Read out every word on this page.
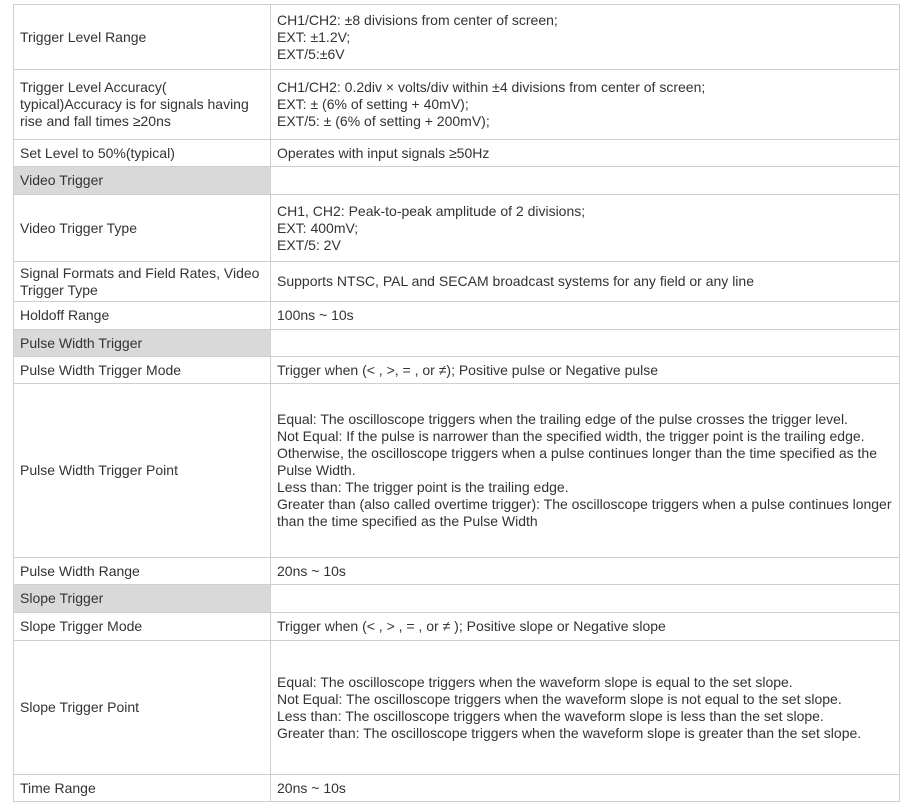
Trigger Level Range	CH1/CH2: ±8 divisions from center of screen;
EXT: ±1.2V;
EXT/5:±6V

Trigger Level Accuracy( typical)Accuracy is for signals having rise and fall times ≥20ns	CH1/CH2: 0.2div × volts/div within ±4 divisions from center of screen;
EXT: ± (6% of setting + 40mV);
EXT/5: ± (6% of setting + 200mV);

Set Level to 50%(typical)	Operates with input signals ≥50Hz

Video Trigger	
Video Trigger Type	CH1, CH2: Peak-to-peak amplitude of 2 divisions;
EXT: 400mV;
EXT/5: 2V

Signal Formats and Field Rates, Video Trigger Type	Supports NTSC, PAL and SECAM broadcast systems for any field or any line

Holdoff Range	100ns ~ 10s

Pulse Width Trigger	
Pulse Width Trigger Mode	Trigger when (< , >, = , or ≠); Positive pulse or Negative pulse

Pulse Width Trigger Point	Equal: The oscilloscope triggers when the trailing edge of the pulse crosses the trigger level.
Not Equal: If the pulse is narrower than the specified width, the trigger point is the trailing edge. Otherwise, the oscilloscope triggers when a pulse continues longer than the time specified as the Pulse Width.
Less than: The trigger point is the trailing edge.
Greater than (also called overtime trigger): The oscilloscope triggers when a pulse continues longer than the time specified as the Pulse Width

Pulse Width Range	20ns ~ 10s

Slope Trigger	
Slope Trigger Mode	Trigger when (< , > , = , or ≠ ); Positive slope or Negative slope

Slope Trigger Point	Equal: The oscilloscope triggers when the waveform slope is equal to the set slope.
Not Equal: The oscilloscope triggers when the waveform slope is not equal to the set slope.
Less than: The oscilloscope triggers when the waveform slope is less than the set slope.
Greater than: The oscilloscope triggers when the waveform slope is greater than the set slope.

Time Range	20ns ~ 10s
